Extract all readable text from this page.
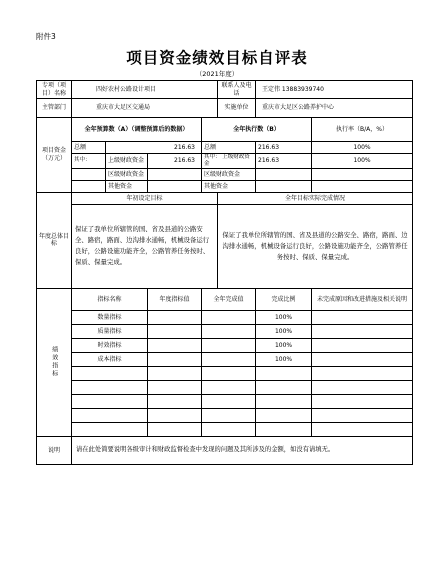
附件3
项目资金绩效目标自评表
（2021年度）
专项（项目）名称	四好农村公路设计项目				联系人及电话	王定伟 13883939740	
主管部门	重庆市大足区交通局				实施单位	重庆市大足区公路养护中心	
项目资金（万元）	全年预算数（A）（调整预算后的数据）			全年执行数（B）			执行率（B/A，%）
	总额	216.63		总额		216.63	100%
	其中：	上级财政资金	216.63	其中： 上级财政资金		216.63	100%
		区级财政资金		区级财政资金			
		其他资金		其他资金			
年度总体目标	年初设定目标				全年目标实际完成情况		
	保证了我单位所辖管的国、省及县道的公路安全、路宿，路面、边沟排水通畅，机械设备运行良好，公路设施功能齐全，公路管养任务按时、保质、保量完成。				保证了我单位所辖管的国、省及县道的公路安全、路宿，路面、边沟排水通畅，机械设备运行良好，公路设施功能齐全，公路管养任务按时、保质、保量完成。		

绩效指标	指标名称		年度指标值	全年完成值		完成比例	未完成原因和改进措施及相关说明
	数量指标					100%	
	质量指标					100%	
	时效指标					100%	
	成本指标					100%	

说明	请在此处简要说明各级审计和财政监督检查中发现的问题及其所涉及的金额，如没有请填无。						
